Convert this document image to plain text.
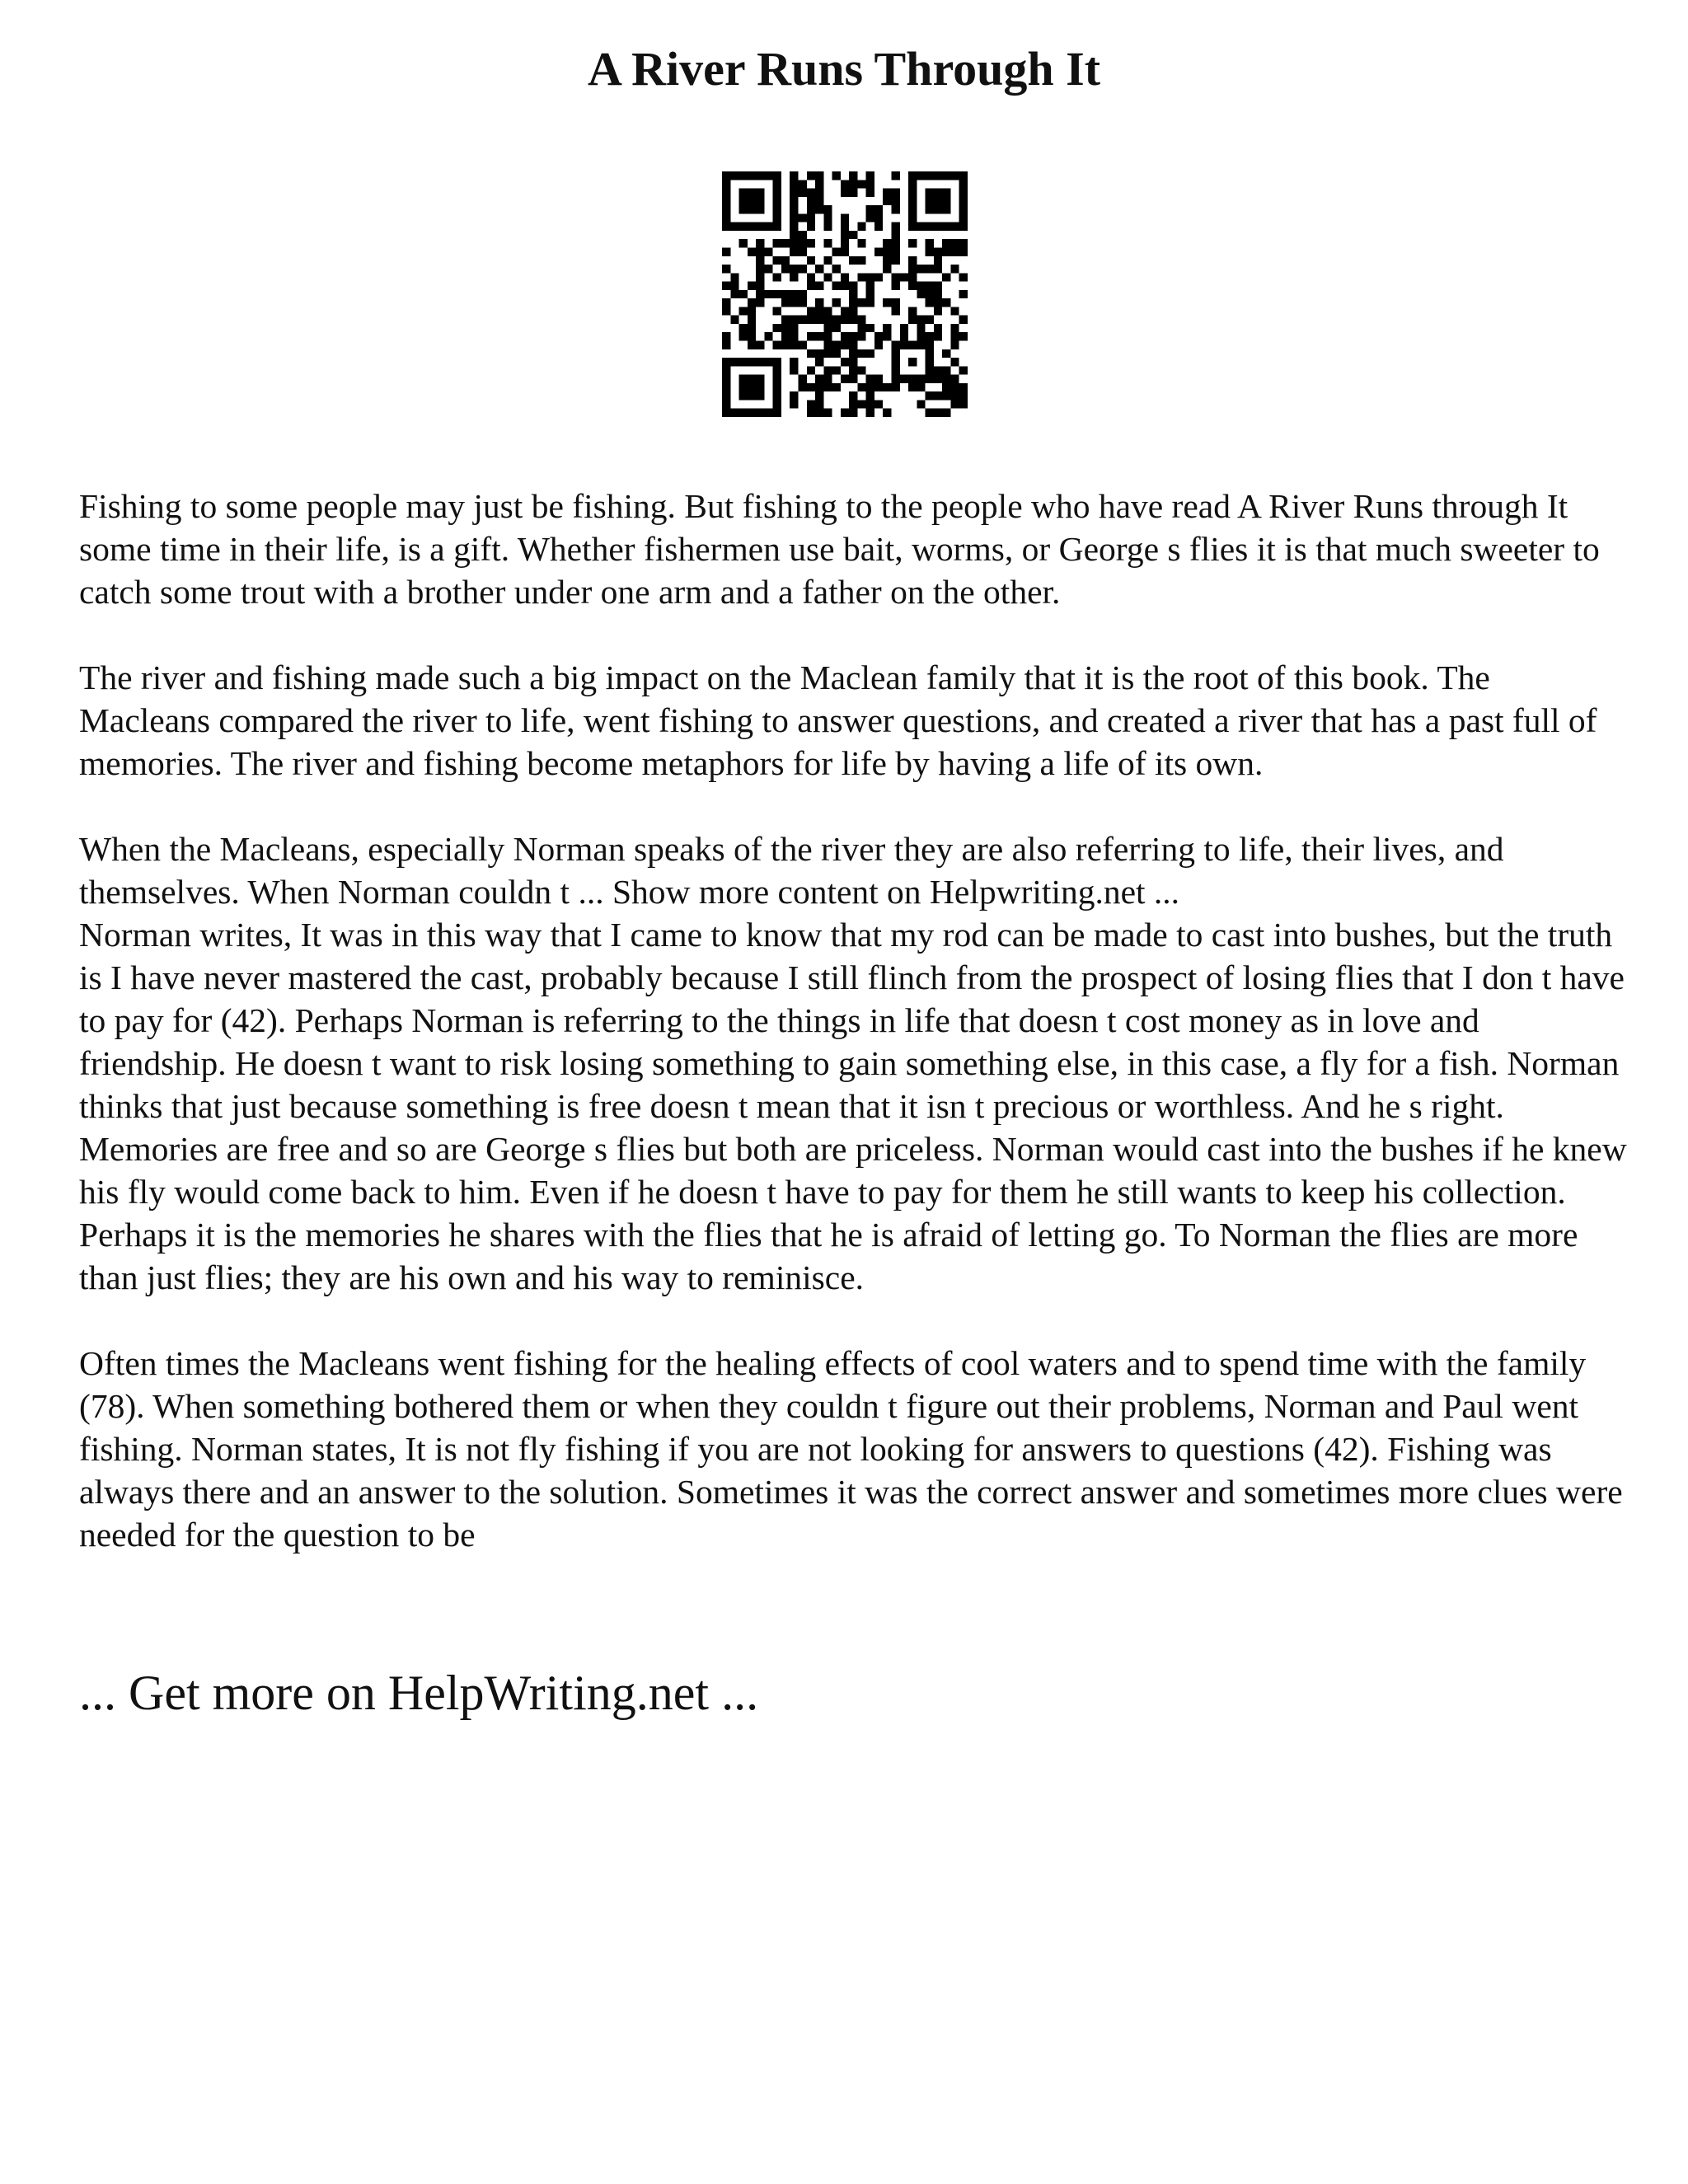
A River Runs Through It

Fishing to some people may just be fishing. But fishing to the people who have read A River Runs through It some time in their life, is a gift. Whether fishermen use bait, worms, or George s flies it is that much sweeter to catch some trout with a brother under one arm and a father on the other.

The river and fishing made such a big impact on the Maclean family that it is the root of this book. The Macleans compared the river to life, went fishing to answer questions, and created a river that has a past full of memories. The river and fishing become metaphors for life by having a life of its own.

When the Macleans, especially Norman speaks of the river they are also referring to life, their lives, and themselves. When Norman couldn t ... Show more content on Helpwriting.net ...

Norman writes, It was in this way that I came to know that my rod can be made to cast into bushes, but the truth is I have never mastered the cast, probably because I still flinch from the prospect of losing flies that I don t have to pay for (42). Perhaps Norman is referring to the things in life that doesn t cost money as in love and friendship. He doesn t want to risk losing something to gain something else, in this case, a fly for a fish. Norman thinks that just because something is free doesn t mean that it isn t precious or worthless. And he s right. Memories are free and so are George s flies but both are priceless. Norman would cast into the bushes if he knew his fly would come back to him. Even if he doesn t have to pay for them he still wants to keep his collection. Perhaps it is the memories he shares with the flies that he is afraid of letting go. To Norman the flies are more than just flies; they are his own and his way to reminisce.

Often times the Macleans went fishing for the healing effects of cool waters and to spend time with the family (78). When something bothered them or when they couldn t figure out their problems, Norman and Paul went fishing. Norman states, It is not fly fishing if you are not looking for answers to questions (42). Fishing was always there and an answer to the solution. Sometimes it was the correct answer and sometimes more clues were needed for the question to be

... Get more on HelpWriting.net ...
